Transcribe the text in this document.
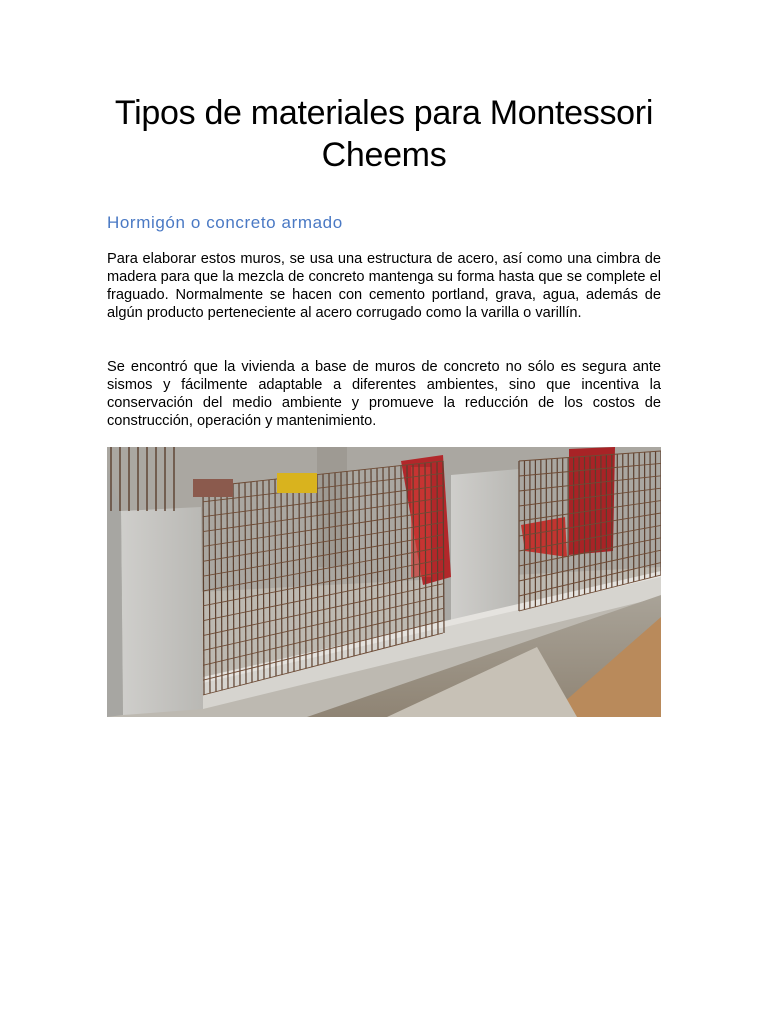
Tipos de materiales para Montessori Cheems
Hormigón o concreto armado

Para elaborar estos muros, se usa una estructura de acero, así como una cimbra de madera para que la mezcla de concreto mantenga su forma hasta que se complete el fraguado. Normalmente se hacen con cemento portland, grava, agua, además de algún producto perteneciente al acero corrugado como la varilla o varillín.

Se encontró que la vivienda a base de muros de concreto no sólo es segura ante sismos y fácilmente adaptable a diferentes ambientes, sino que incentiva la conservación del medio ambiente y promueve la reducción de los costos de construcción, operación y mantenimiento.
